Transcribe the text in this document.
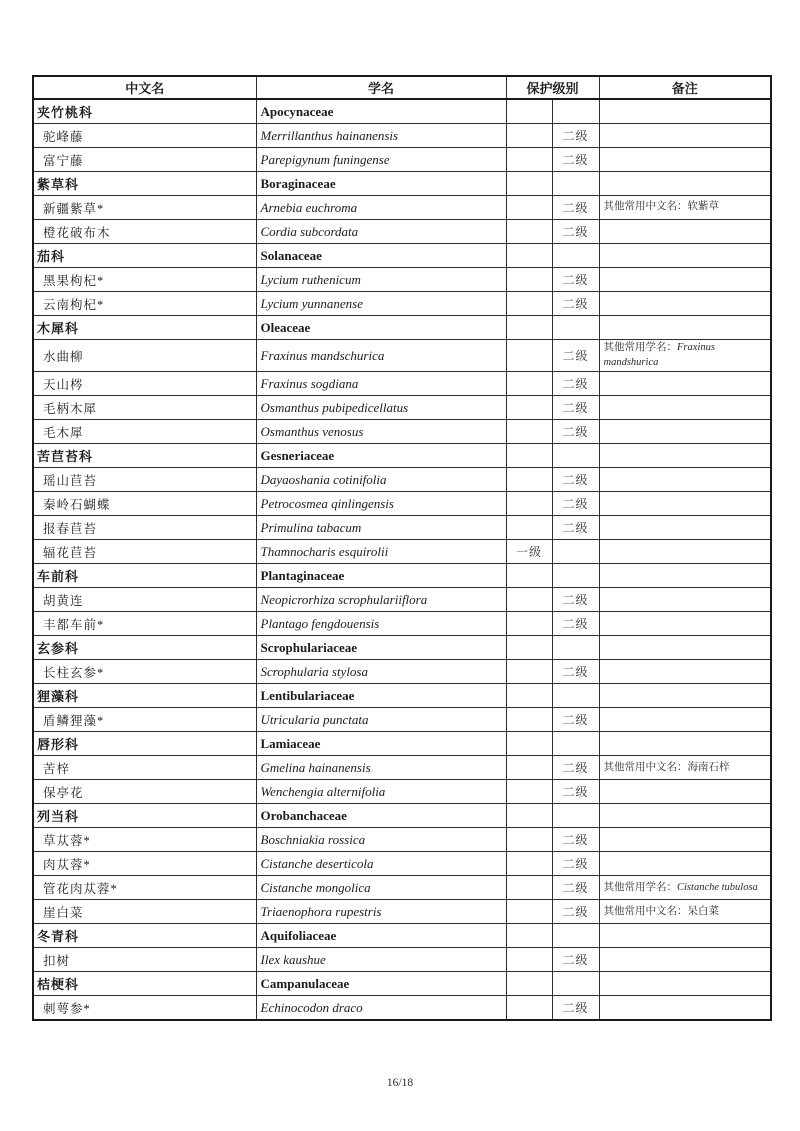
中文名	学名	保护级别		备注
夹竹桃科	Apocynaceae			
驼峰藤	Merrillanthus hainanensis		二级	
富宁藤	Parepigynum funingense		二级	
紫草科	Boraginaceae			
新疆紫草*	Arnebia euchroma		二级	其他常用中文名：软紫草
橙花破布木	Cordia subcordata		二级	
茄科	Solanaceae			
黑果枸杞*	Lycium ruthenicum		二级	
云南枸杞*	Lycium yunnanense		二级	
木犀科	Oleaceae			
水曲柳	Fraxinus mandschurica		二级	其他常用学名：Fraxinus mandshurica
天山梣	Fraxinus sogdiana		二级	
毛柄木犀	Osmanthus pubipedicellatus		二级	
毛木犀	Osmanthus venosus		二级	
苦苣苔科	Gesneriaceae			
瑶山苣苔	Dayaoshania cotinifolia		二级	
秦岭石蝴蝶	Petrocosmea qinlingensis		二级	
报春苣苔	Primulina tabacum		二级	
辐花苣苔	Thamnocharis esquirolii	一级		
车前科	Plantaginaceae			
胡黄连	Neopicrorhiza scrophulariiflora		二级	
丰都车前*	Plantago fengdouensis		二级	
玄参科	Scrophulariaceae			
长柱玄参*	Scrophularia stylosa		二级	
狸藻科	Lentibulariaceae			
盾鳞狸藻*	Utricularia punctata		二级	
唇形科	Lamiaceae			
苦梓	Gmelina hainanensis		二级	其他常用中文名：海南石梓
保亭花	Wenchengia alternifolia		二级	
列当科	Orobanchaceae			
草苁蓉*	Boschniakia rossica		二级	
肉苁蓉*	Cistanche deserticola		二级	
管花肉苁蓉*	Cistanche mongolica		二级	其他常用学名：Cistanche tubulosa
崖白菜	Triaenophora rupestris		二级	其他常用中文名：呆白菜
冬青科	Aquifoliaceae			
扣树	Ilex kaushue		二级	
桔梗科	Campanulaceae			
刺萼参*	Echinocodon draco		二级	
16/18
